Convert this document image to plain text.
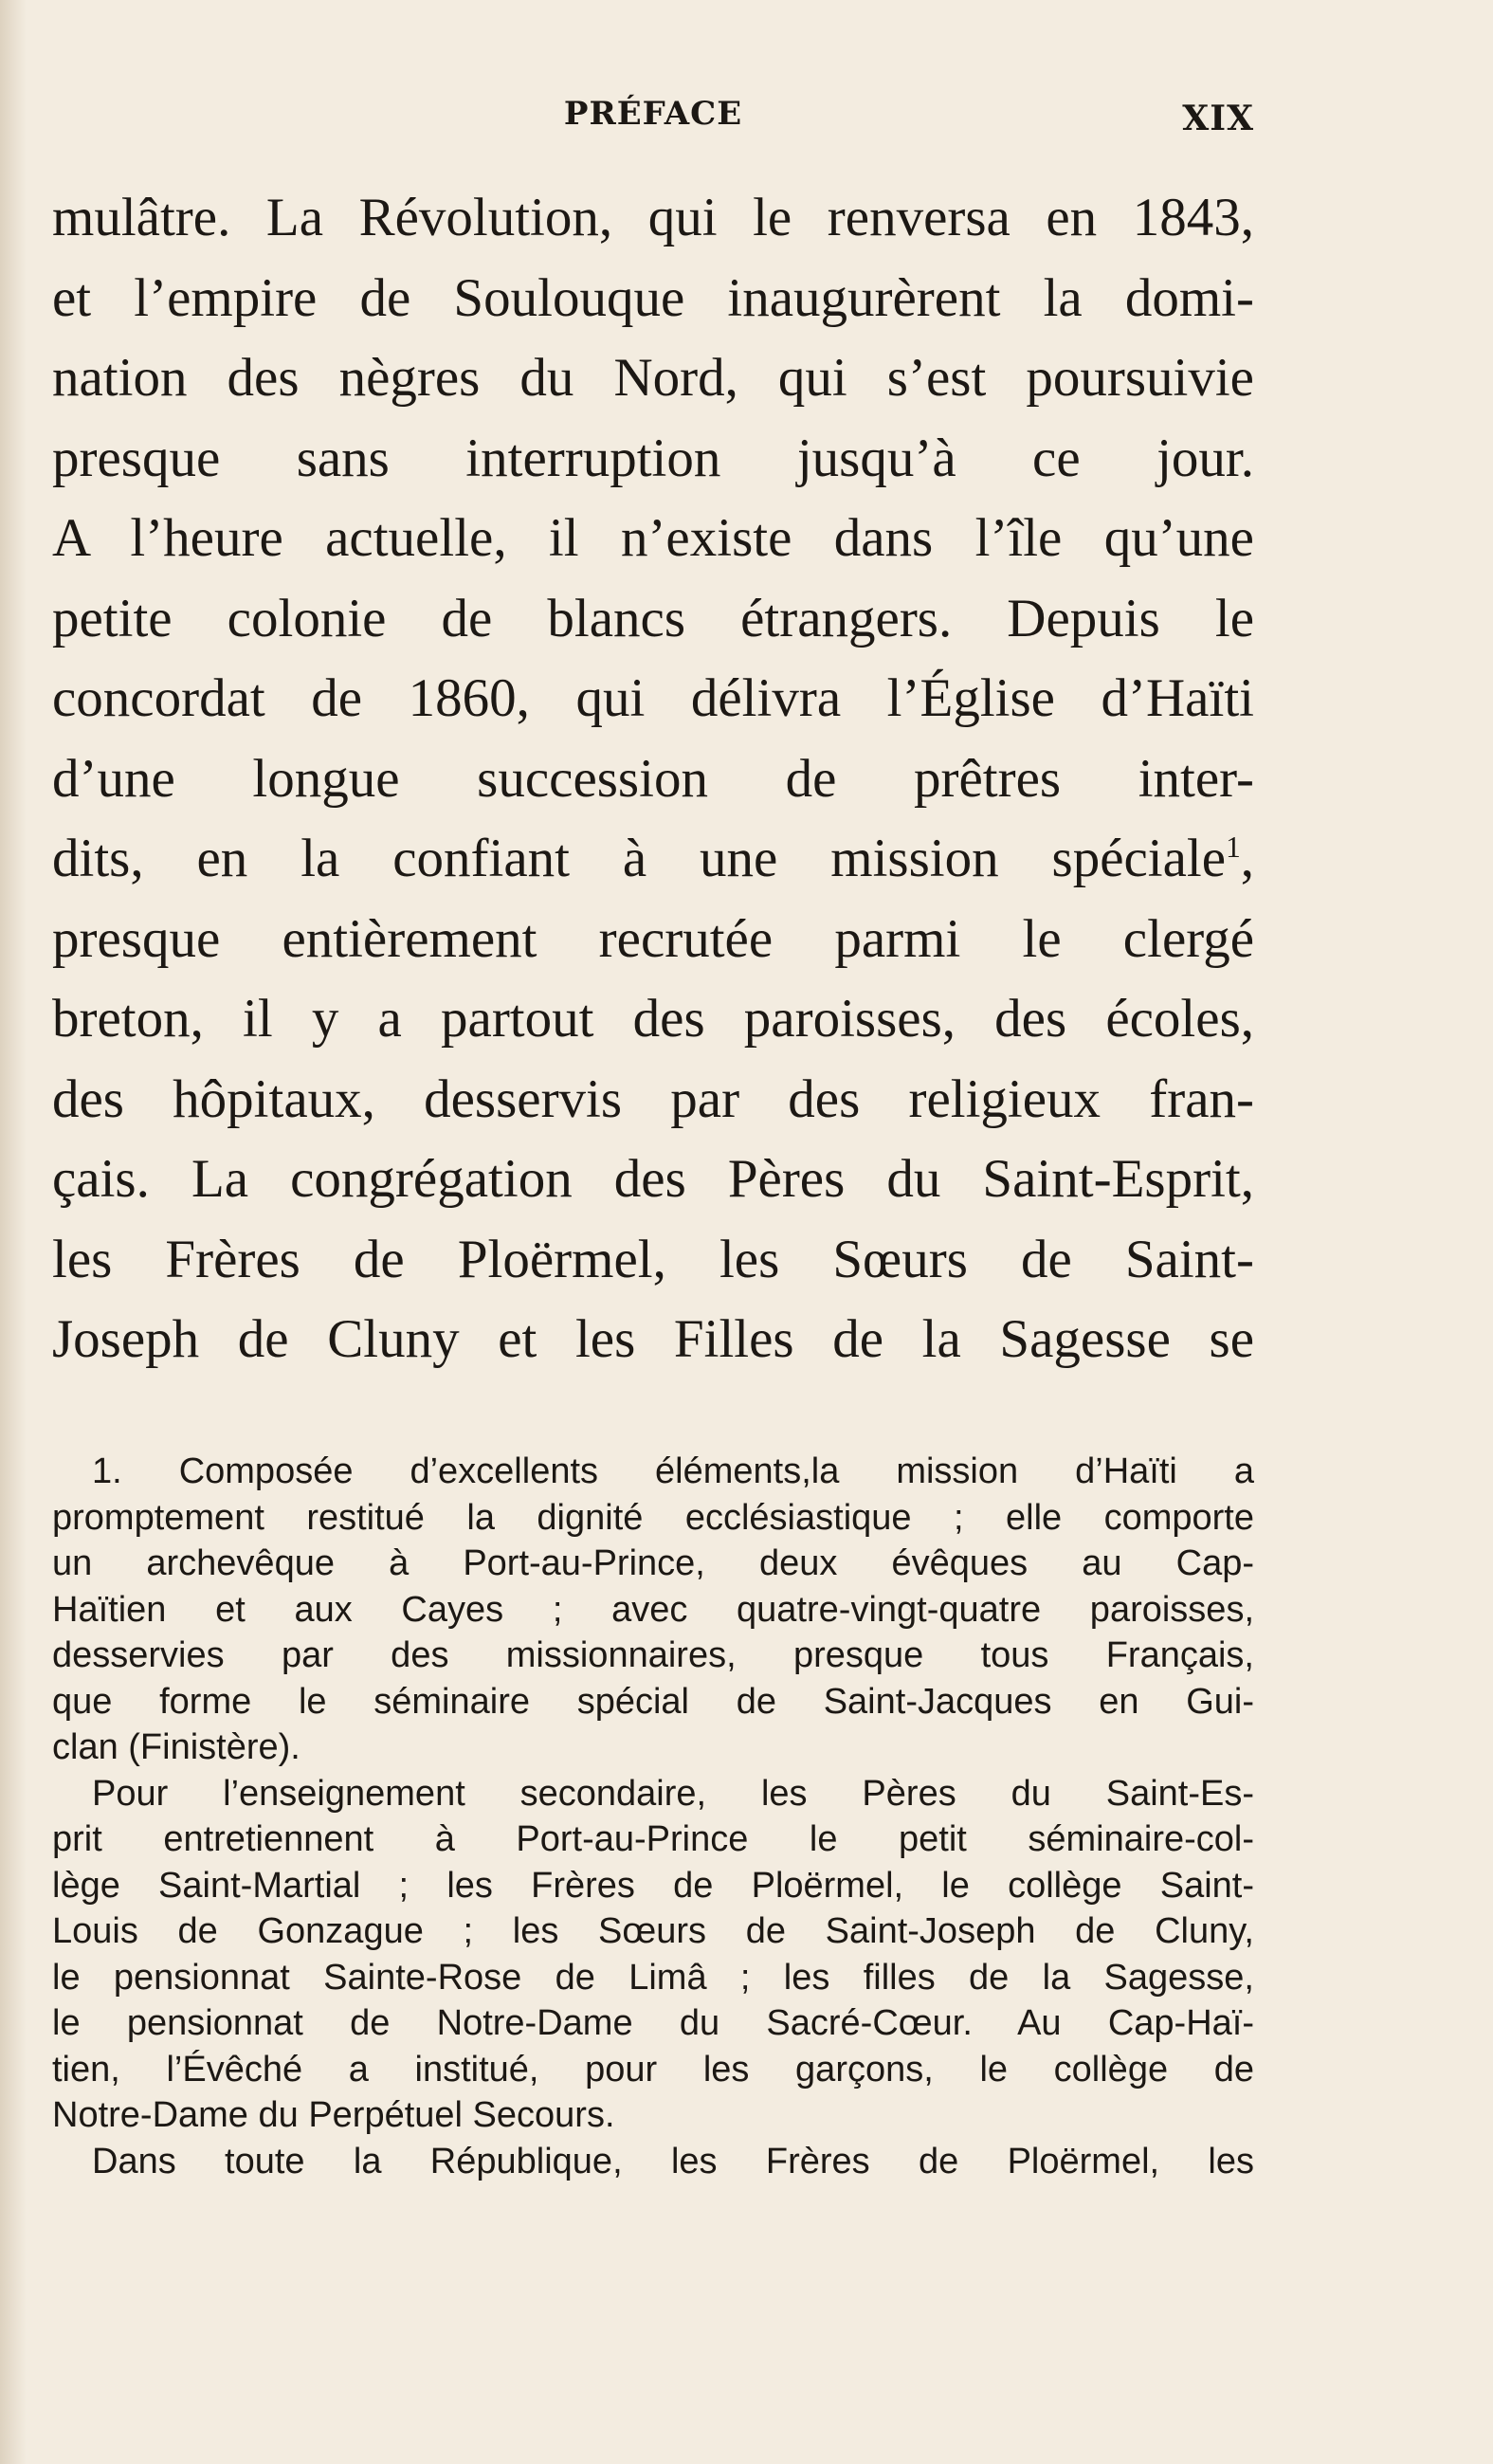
PRÉFACE	XIX
mulâtre. La Révolution, qui le renversa en 1843,
et l’empire de Soulouque inaugurèrent la domi-
nation des nègres du Nord, qui s’est poursuivie
presque sans interruption jusqu’à ce jour.
A l’heure actuelle, il n’existe dans l’île qu’une
petite colonie de blancs étrangers. Depuis le
concordat de 1860, qui délivra l’Église d’Haïti
d’une longue succession de prêtres inter-
dits, en la confiant à une mission spéciale$^1$,
presque entièrement recrutée parmi le clergé
breton, il y a partout des paroisses, des écoles,
des hôpitaux, desservis par des religieux fran-
çais. La congrégation des Pères du Saint-Esprit,
les Frères de Ploërmel, les Sœurs de Saint-
Joseph de Cluny et les Filles de la Sagesse se
1. Composée d’excellents éléments,la mission d’Haïti a
promptement restitué la dignité ecclésiastique ; elle comporte
un archevêque à Port-au-Prince, deux évêques au Cap-
Haïtien et aux Cayes ; avec quatre-vingt-quatre paroisses,
desservies par des missionnaires, presque tous Français,
que forme le séminaire spécial de Saint-Jacques en Gui-
clan (Finistère).
Pour l’enseignement secondaire, les Pères du Saint-Es-
prit entretiennent à Port-au-Prince le petit séminaire-col-
lège Saint-Martial ; les Frères de Ploërmel, le collège Saint-
Louis de Gonzague ; les Sœurs de Saint-Joseph de Cluny,
le pensionnat Sainte-Rose de Limâ ; les filles de la Sagesse,
le pensionnat de Notre-Dame du Sacré-Cœur. Au Cap-Haï-
tien, l’Évêché a institué, pour les garçons, le collège de
Notre-Dame du Perpétuel Secours.
Dans toute la République, les Frères de Ploërmel, les
